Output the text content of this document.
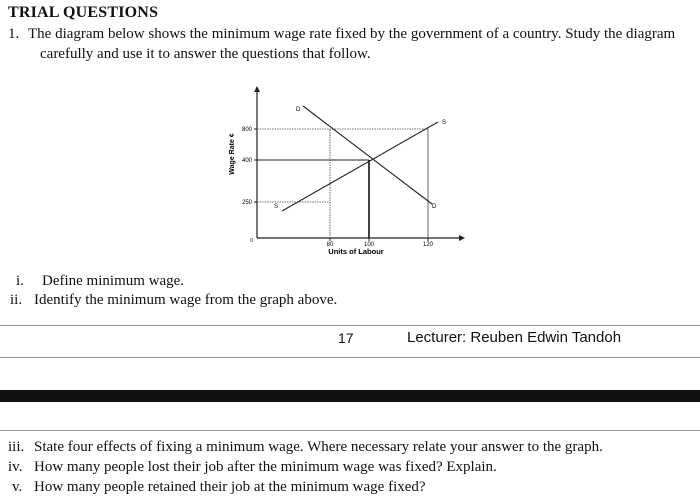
TRIAL QUESTIONS
1. The diagram below shows the minimum wage rate fixed by the government of a country. Study the diagram
carefully and use it to answer the questions that follow.
800
400
250
80	100	120
D
D
S
S
Wage Rate ¢
Units of Labour
0
i. Define minimum wage.
ii. Identify the minimum wage from the graph above.
17	Lecturer: Reuben Edwin Tandoh
iii. State four effects of fixing a minimum wage. Where necessary relate your answer to the graph.
iv. How many people lost their job after the minimum wage was fixed? Explain.
v. How many people retained their job at the minimum wage fixed?
